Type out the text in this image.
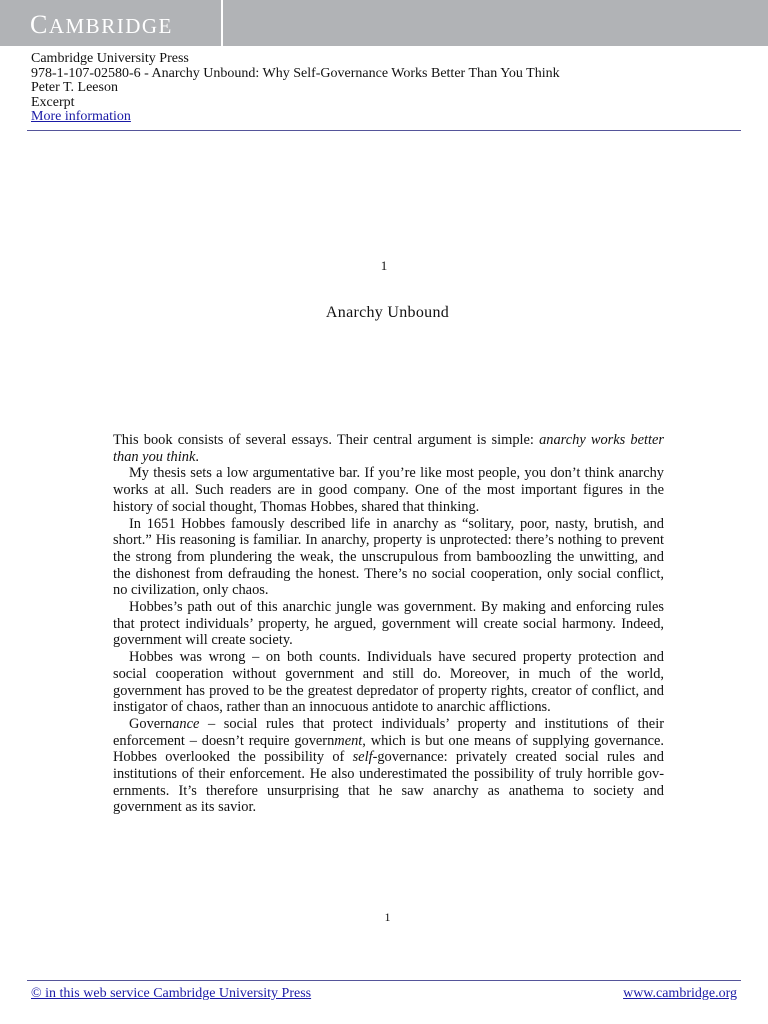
CAMBRIDGE
Cambridge University Press
978-1-107-02580-6 - Anarchy Unbound: Why Self-Governance Works Better Than You Think
Peter T. Leeson
Excerpt
More information
1
Anarchy Unbound

This book consists of several essays. Their central argument is simple: anarchy works better than you think.

My thesis sets a low argumentative bar. If you’re like most people, you don’t think anarchy works at all. Such readers are in good company. One of the most important figures in the history of social thought, Thomas Hobbes, shared that thinking.

In 1651 Hobbes famously described life in anarchy as “solitary, poor, nasty, brutish, and short.” His reasoning is familiar. In anarchy, property is unprotected: there’s nothing to prevent the strong from plundering the weak, the unscrupulous from bamboozling the unwitting, and the dishonest from defrauding the honest. There’s no social cooperation, only social conflict, no civilization, only chaos.

Hobbes’s path out of this anarchic jungle was government. By making and enforcing rules that protect individuals’ property, he argued, government will create social harmony. Indeed, government will create society.

Hobbes was wrong – on both counts. Individuals have secured property protection and social cooperation without government and still do. Moreover, in much of the world, government has proved to be the greatest depredator of property rights, creator of conflict, and instigator of chaos, rather than an innocuous antidote to anarchic afflictions.

Governance – social rules that protect individuals’ property and institutions of their enforcement – doesn’t require government, which is but one means of supplying governance. Hobbes overlooked the possibility of self-governance: privately created social rules and institutions of their enforcement. He also underestimated the possibility of truly horrible governments. It’s therefore unsurprising that he saw anarchy as anathema to society and government as its savior.

1
© in this web service Cambridge University Press	www.cambridge.org
